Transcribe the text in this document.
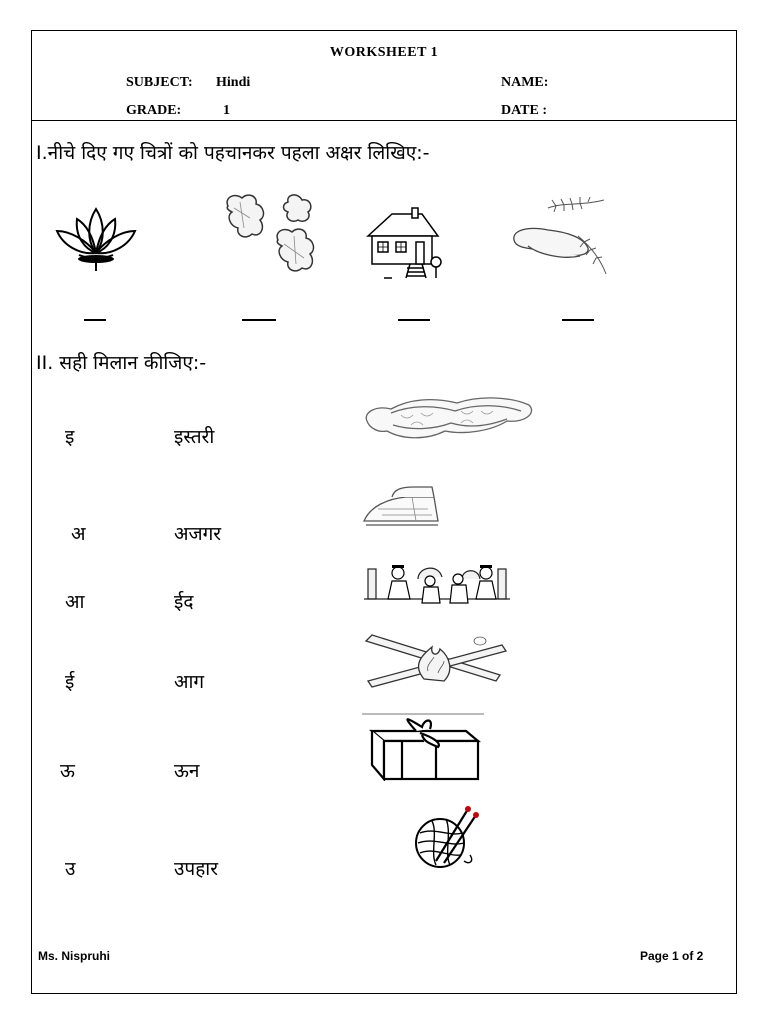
WORKSHEET 1
SUBJECT: Hindi	NAME:
GRADE:	1	DATE :
I.नीचे दिए गए चित्रों को पहचानकर पहला अक्षर लिखिए:-
II. सही मिलान कीजिए:-
इ	इस्तरी
अ	अजगर
आ	ईद
ई	आग
ऊ	ऊन
उ	उपहार
Ms. Nispruhi	Page 1 of 2
